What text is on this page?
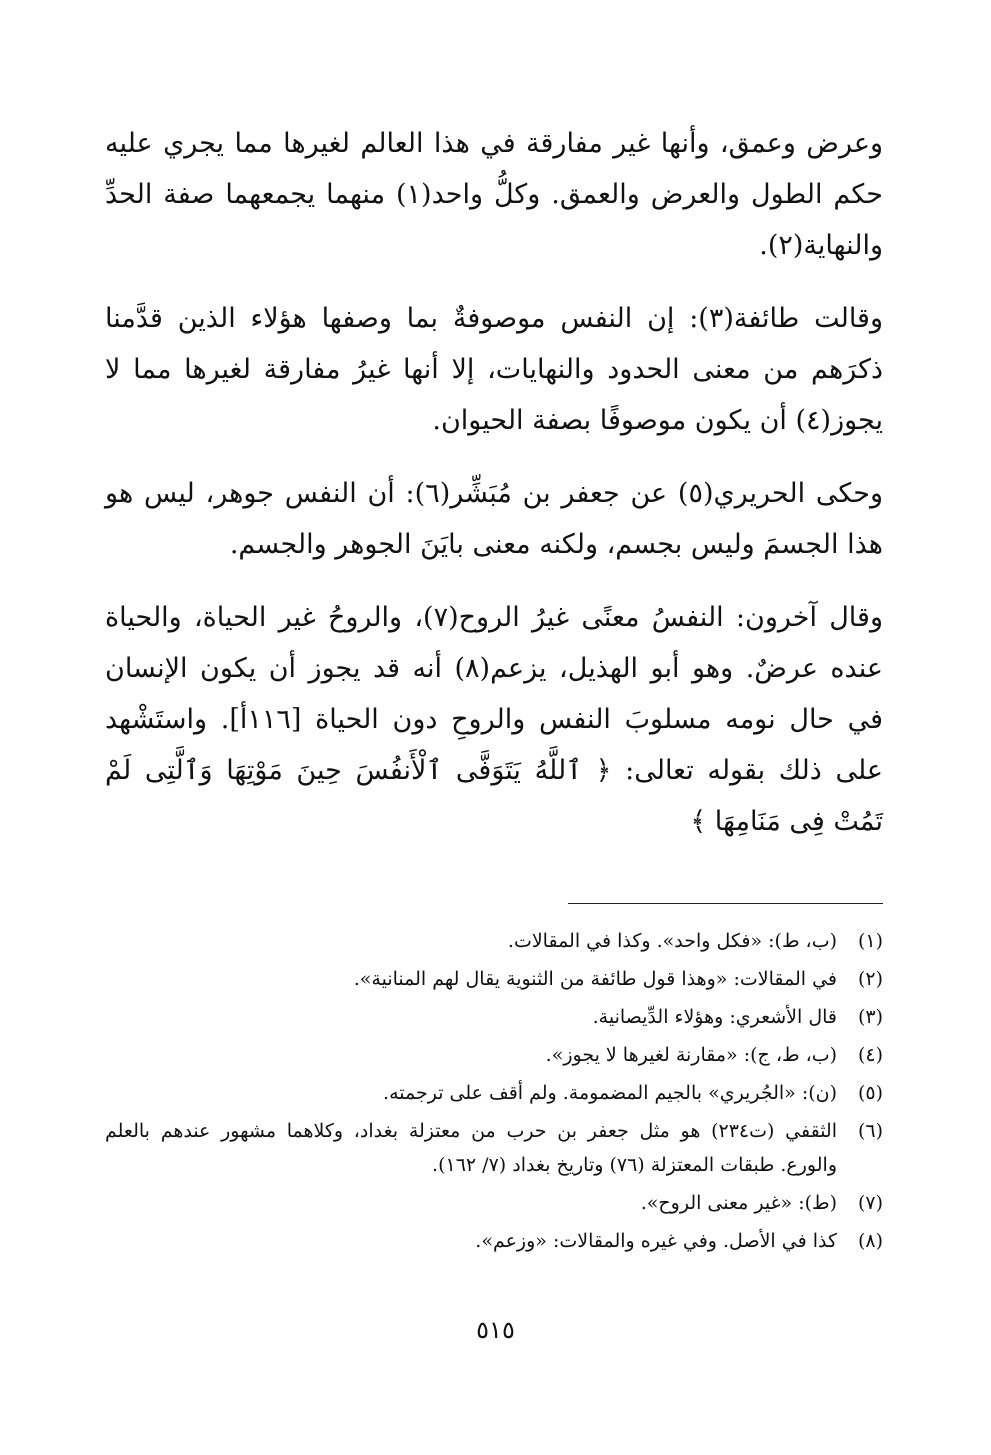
وعرض وعمق، وأنها غير مفارقة في هذا العالم لغيرها مما يجري عليه حكم الطول والعرض والعمق. وكلُّ واحد(١) منهما يجمعهما صفة الحدِّ والنهاية(٢).

وقالت طائفة(٣): إن النفس موصوفةٌ بما وصفها هؤلاء الذين قدَّمنا ذكرَهم من معنى الحدود والنهايات، إلا أنها غيرُ مفارقة لغيرها مما لا يجوز(٤) أن يكون موصوفًا بصفة الحيوان.

وحكى الحريري(٥) عن جعفر بن مُبَشِّر(٦): أن النفس جوهر، ليس هو هذا الجسمَ وليس بجسم، ولكنه معنى بايَنَ الجوهر والجسم.

وقال آخرون: النفسُ معنًى غيرُ الروح(٧)، والروحُ غير الحياة، والحياة عنده عرضٌ. وهو أبو الهذيل، يزعم(٨) أنه قد يجوز أن يكون الإنسان في حال نومه مسلوبَ النفس والروحِ دون الحياة [١١٦أ]. واستَشْهد على ذلك بقوله تعالى: ﴿ ٱللَّهُ يَتَوَفَّى ٱلْأَنفُسَ حِينَ مَوْتِهَا وَٱلَّتِى لَمْ تَمُتْ فِى مَنَامِهَا ﴾

(١)
(ب، ط): «فكل واحد». وكذا في المقالات.
(٢)
في المقالات: «وهذا قول طائفة من الثنوية يقال لهم المنانية».
(٣)
قال الأشعري: وهؤلاء الدِّيصانية.
(٤)
(ب، ط، ج): «مقارنة لغيرها لا يجوز».
(٥)
(ن): «الجُريري» بالجيم المضمومة. ولم أقف على ترجمته.
(٦)
الثقفي (ت٢٣٤) هو مثل جعفر بن حرب من معتزلة بغداد، وكلاهما مشهور عندهم بالعلم والورع. طبقات المعتزلة (٧٦) وتاريخ بغداد (٧/ ١٦٢).
(٧)
(ط): «غير معنى الروح».
(٨)
كذا في الأصل. وفي غيره والمقالات: «وزعم».
٥١٥
